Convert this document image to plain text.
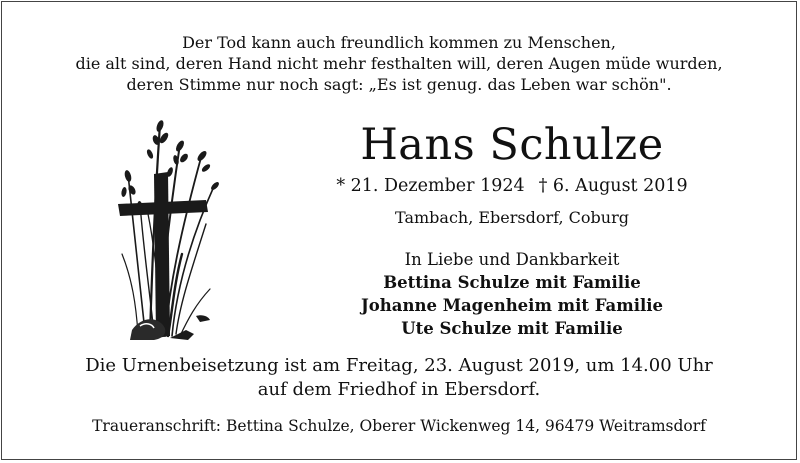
Der Tod kann auch freundlich kommen zu Menschen,
die alt sind, deren Hand nicht mehr festhalten will, deren Augen müde wurden,
deren Stimme nur noch sagt: „Es ist genug. das Leben war schön".
Hans Schulze
* 21. Dezember 1924 † 6. August 2019
Tambach, Ebersdorf, Coburg
In Liebe und Dankbarkeit
Bettina Schulze mit Familie
Johanne Magenheim mit Familie
Ute Schulze mit Familie
Die Urnenbeisetzung ist am Freitag, 23. August 2019, um 14.00 Uhr
auf dem Friedhof in Ebersdorf.
Traueranschrift: Bettina Schulze, Oberer Wickenweg 14, 96479 Weitramsdorf
